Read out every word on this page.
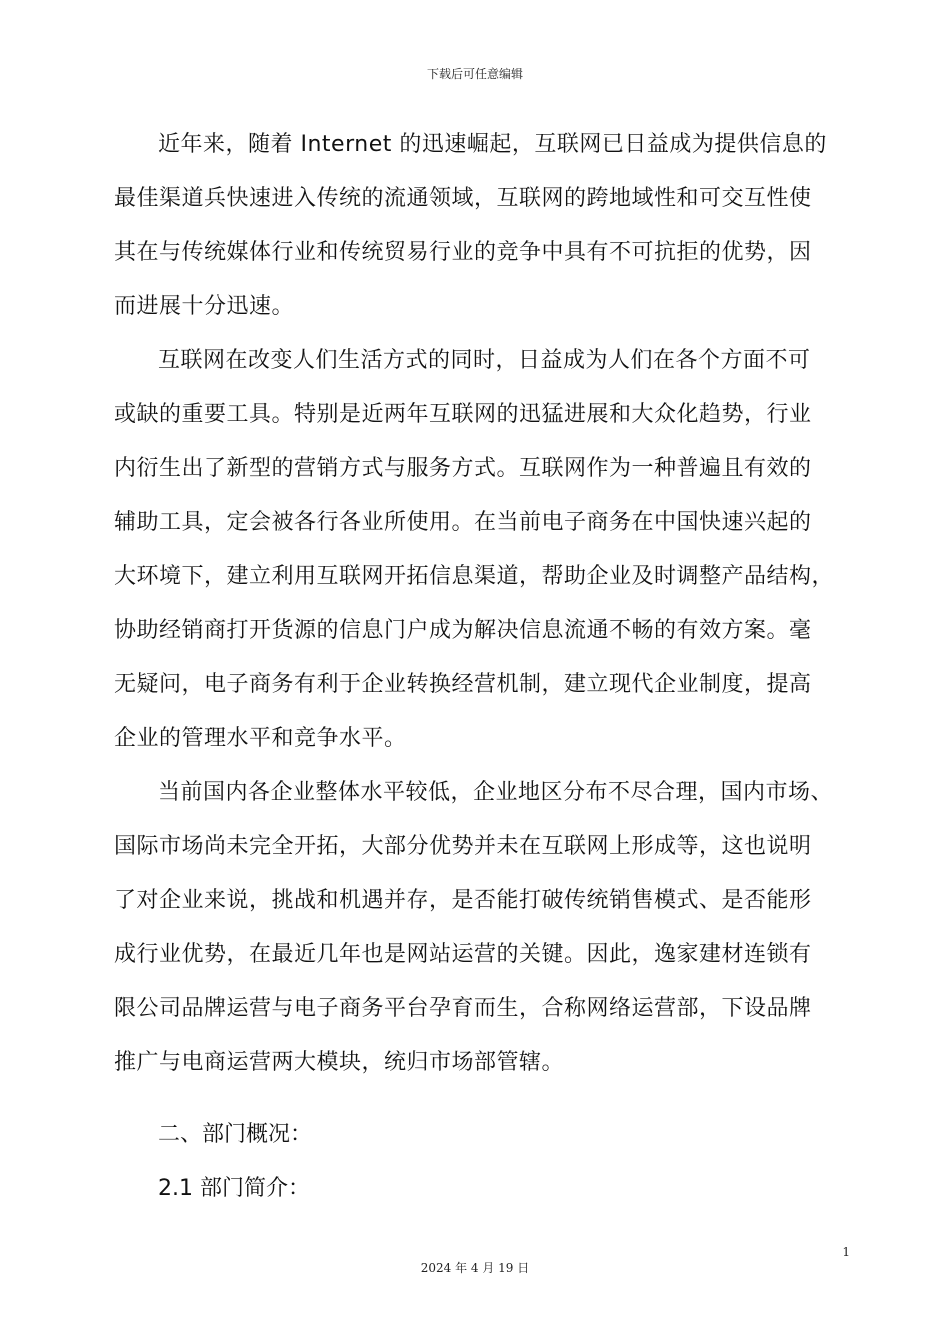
下载后可任意编辑

近年来，随着 Internet 的迅速崛起，互联网已日益成为提供信息的
最佳渠道兵快速进入传统的流通领域，互联网的跨地域性和可交互性使
其在与传统媒体行业和传统贸易行业的竞争中具有不可抗拒的优势，因
而进展十分迅速。

互联网在改变人们生活方式的同时，日益成为人们在各个方面不可
或缺的重要工具。特别是近两年互联网的迅猛进展和大众化趋势，行业
内衍生出了新型的营销方式与服务方式。互联网作为一种普遍且有效的
辅助工具，定会被各行各业所使用。在当前电子商务在中国快速兴起的
大环境下，建立利用互联网开拓信息渠道，帮助企业及时调整产品结构，
协助经销商打开货源的信息门户成为解决信息流通不畅的有效方案。毫
无疑问，电子商务有利于企业转换经营机制，建立现代企业制度，提高
企业的管理水平和竞争水平。

当前国内各企业整体水平较低，企业地区分布不尽合理，国内市场、
国际市场尚未完全开拓，大部分优势并未在互联网上形成等，这也说明
了对企业来说，挑战和机遇并存，是否能打破传统销售模式、是否能形
成行业优势，在最近几年也是网站运营的关键。因此，逸家建材连锁有
限公司品牌运营与电子商务平台孕育而生，合称网络运营部，下设品牌
推广与电商运营两大模块，统归市场部管辖。

二、部门概况：

2.1 部门简介：

1
2024 年 4 月 19 日
